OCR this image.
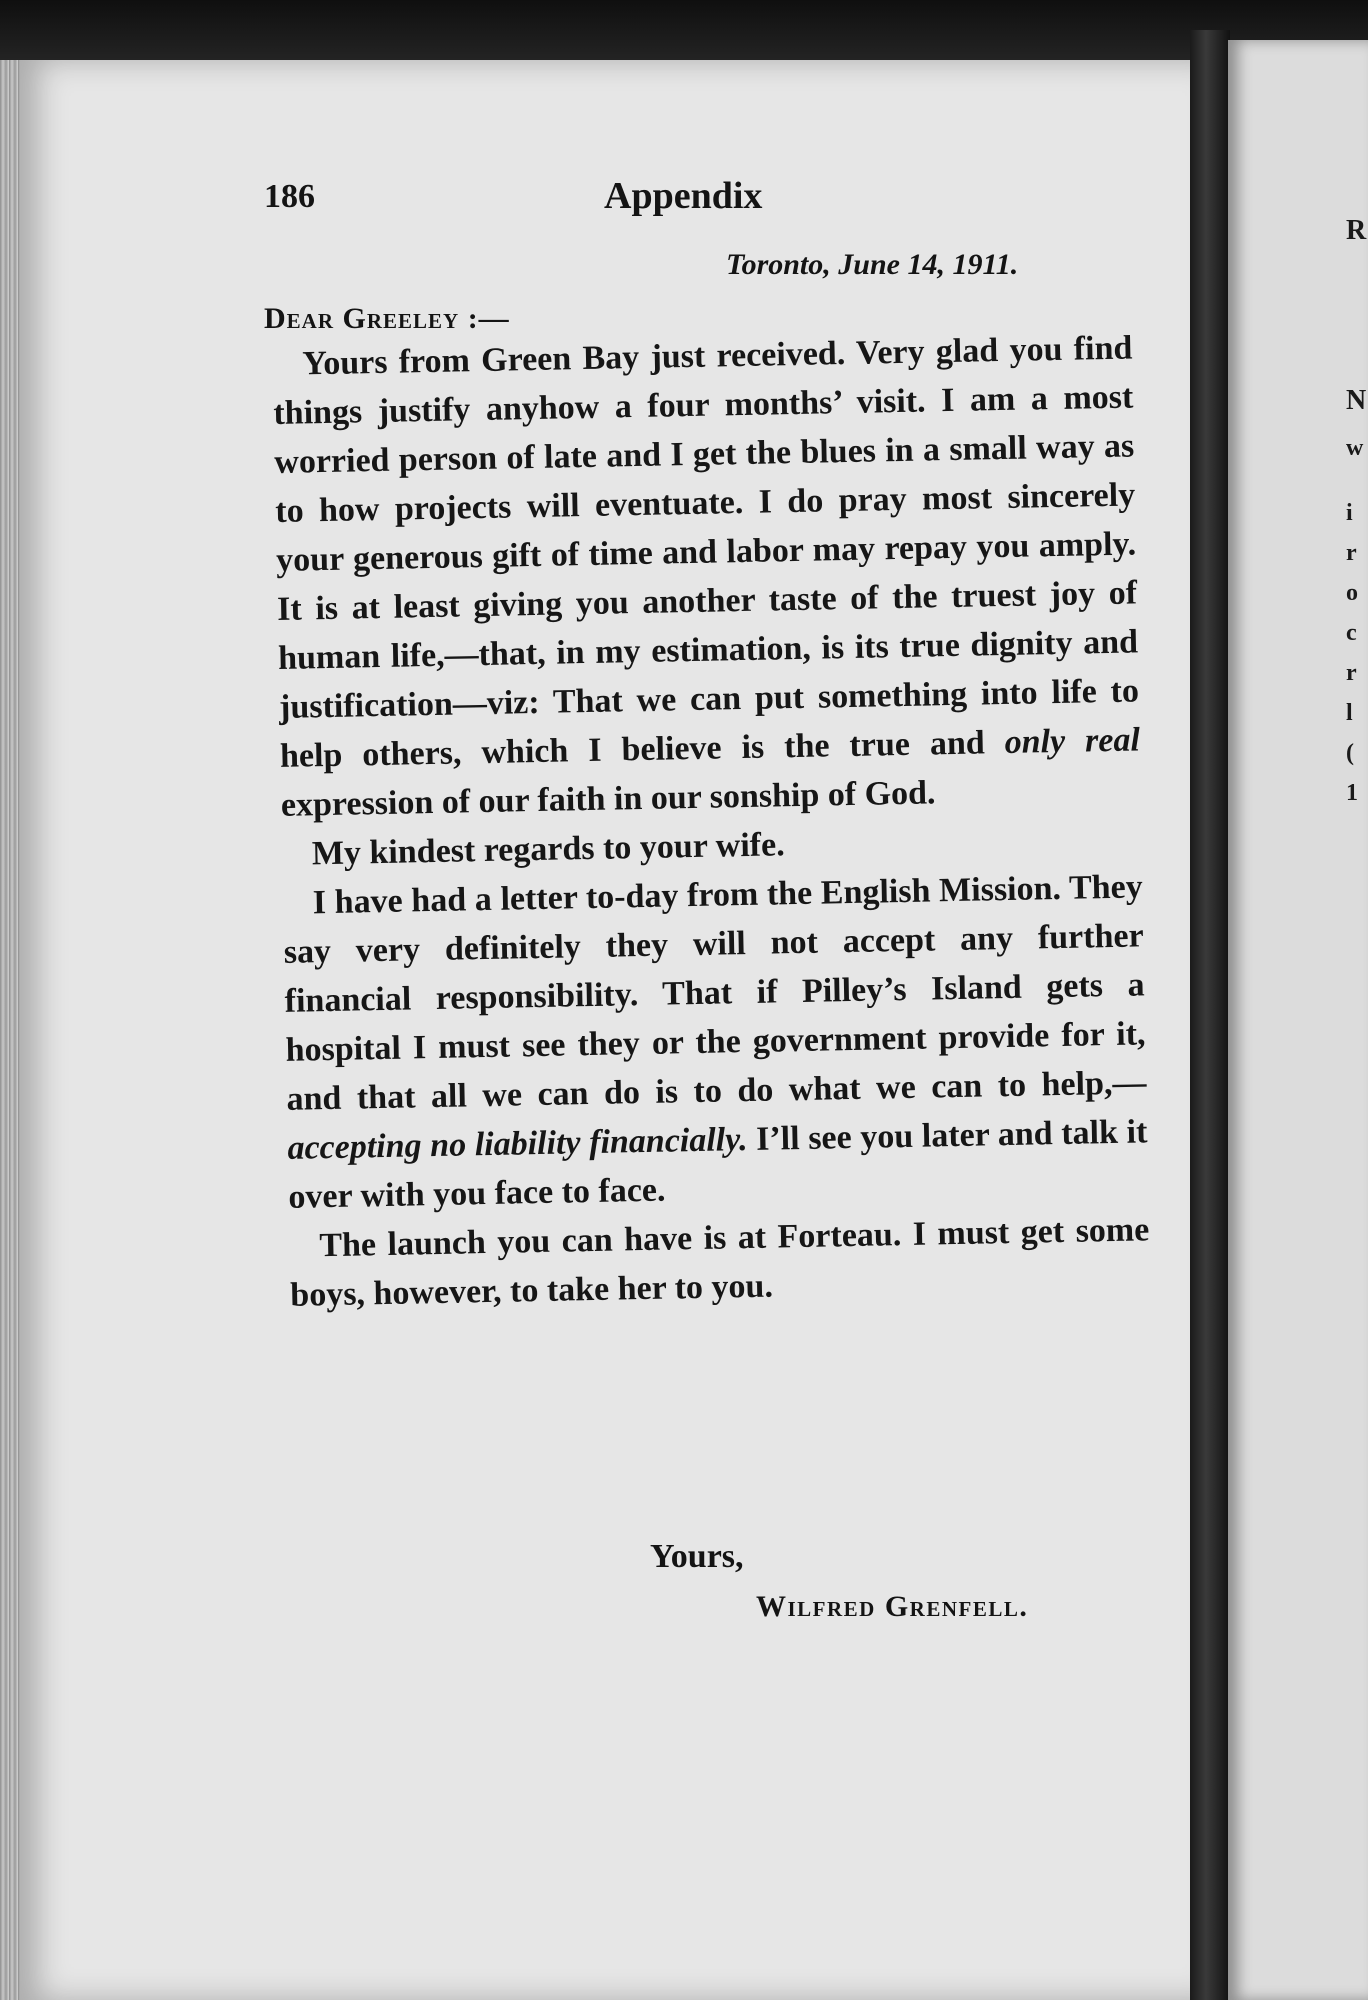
R
N
w
i
r
o
c
r
l
(
1
186	Appendix
Toronto, June 14, 1911.
Dear Greeley :—

Yours from Green Bay just received. Very glad you find things justify anyhow a four months’ visit. I am a most worried person of late and I get the blues in a small way as to how projects will eventuate. I do pray most sincerely your generous gift of time and labor may repay you amply. It is at least giving you another taste of the truest joy of human life,—that, in my estimation, is its true dignity and justification—viz: That we can put something into life to help others, which I believe is the true and only real expression of our faith in our sonship of God.

My kindest regards to your wife.

I have had a letter to-day from the English Mission. They say very definitely they will not accept any further financial responsibility. That if Pilley’s Island gets a hospital I must see they or the government provide for it, and that all we can do is to do what we can to help,—accepting no liability financially. I’ll see you later and talk it over with you face to face.

The launch you can have is at Forteau. I must get some boys, however, to take her to you.

Yours,
Wilfred Grenfell.
